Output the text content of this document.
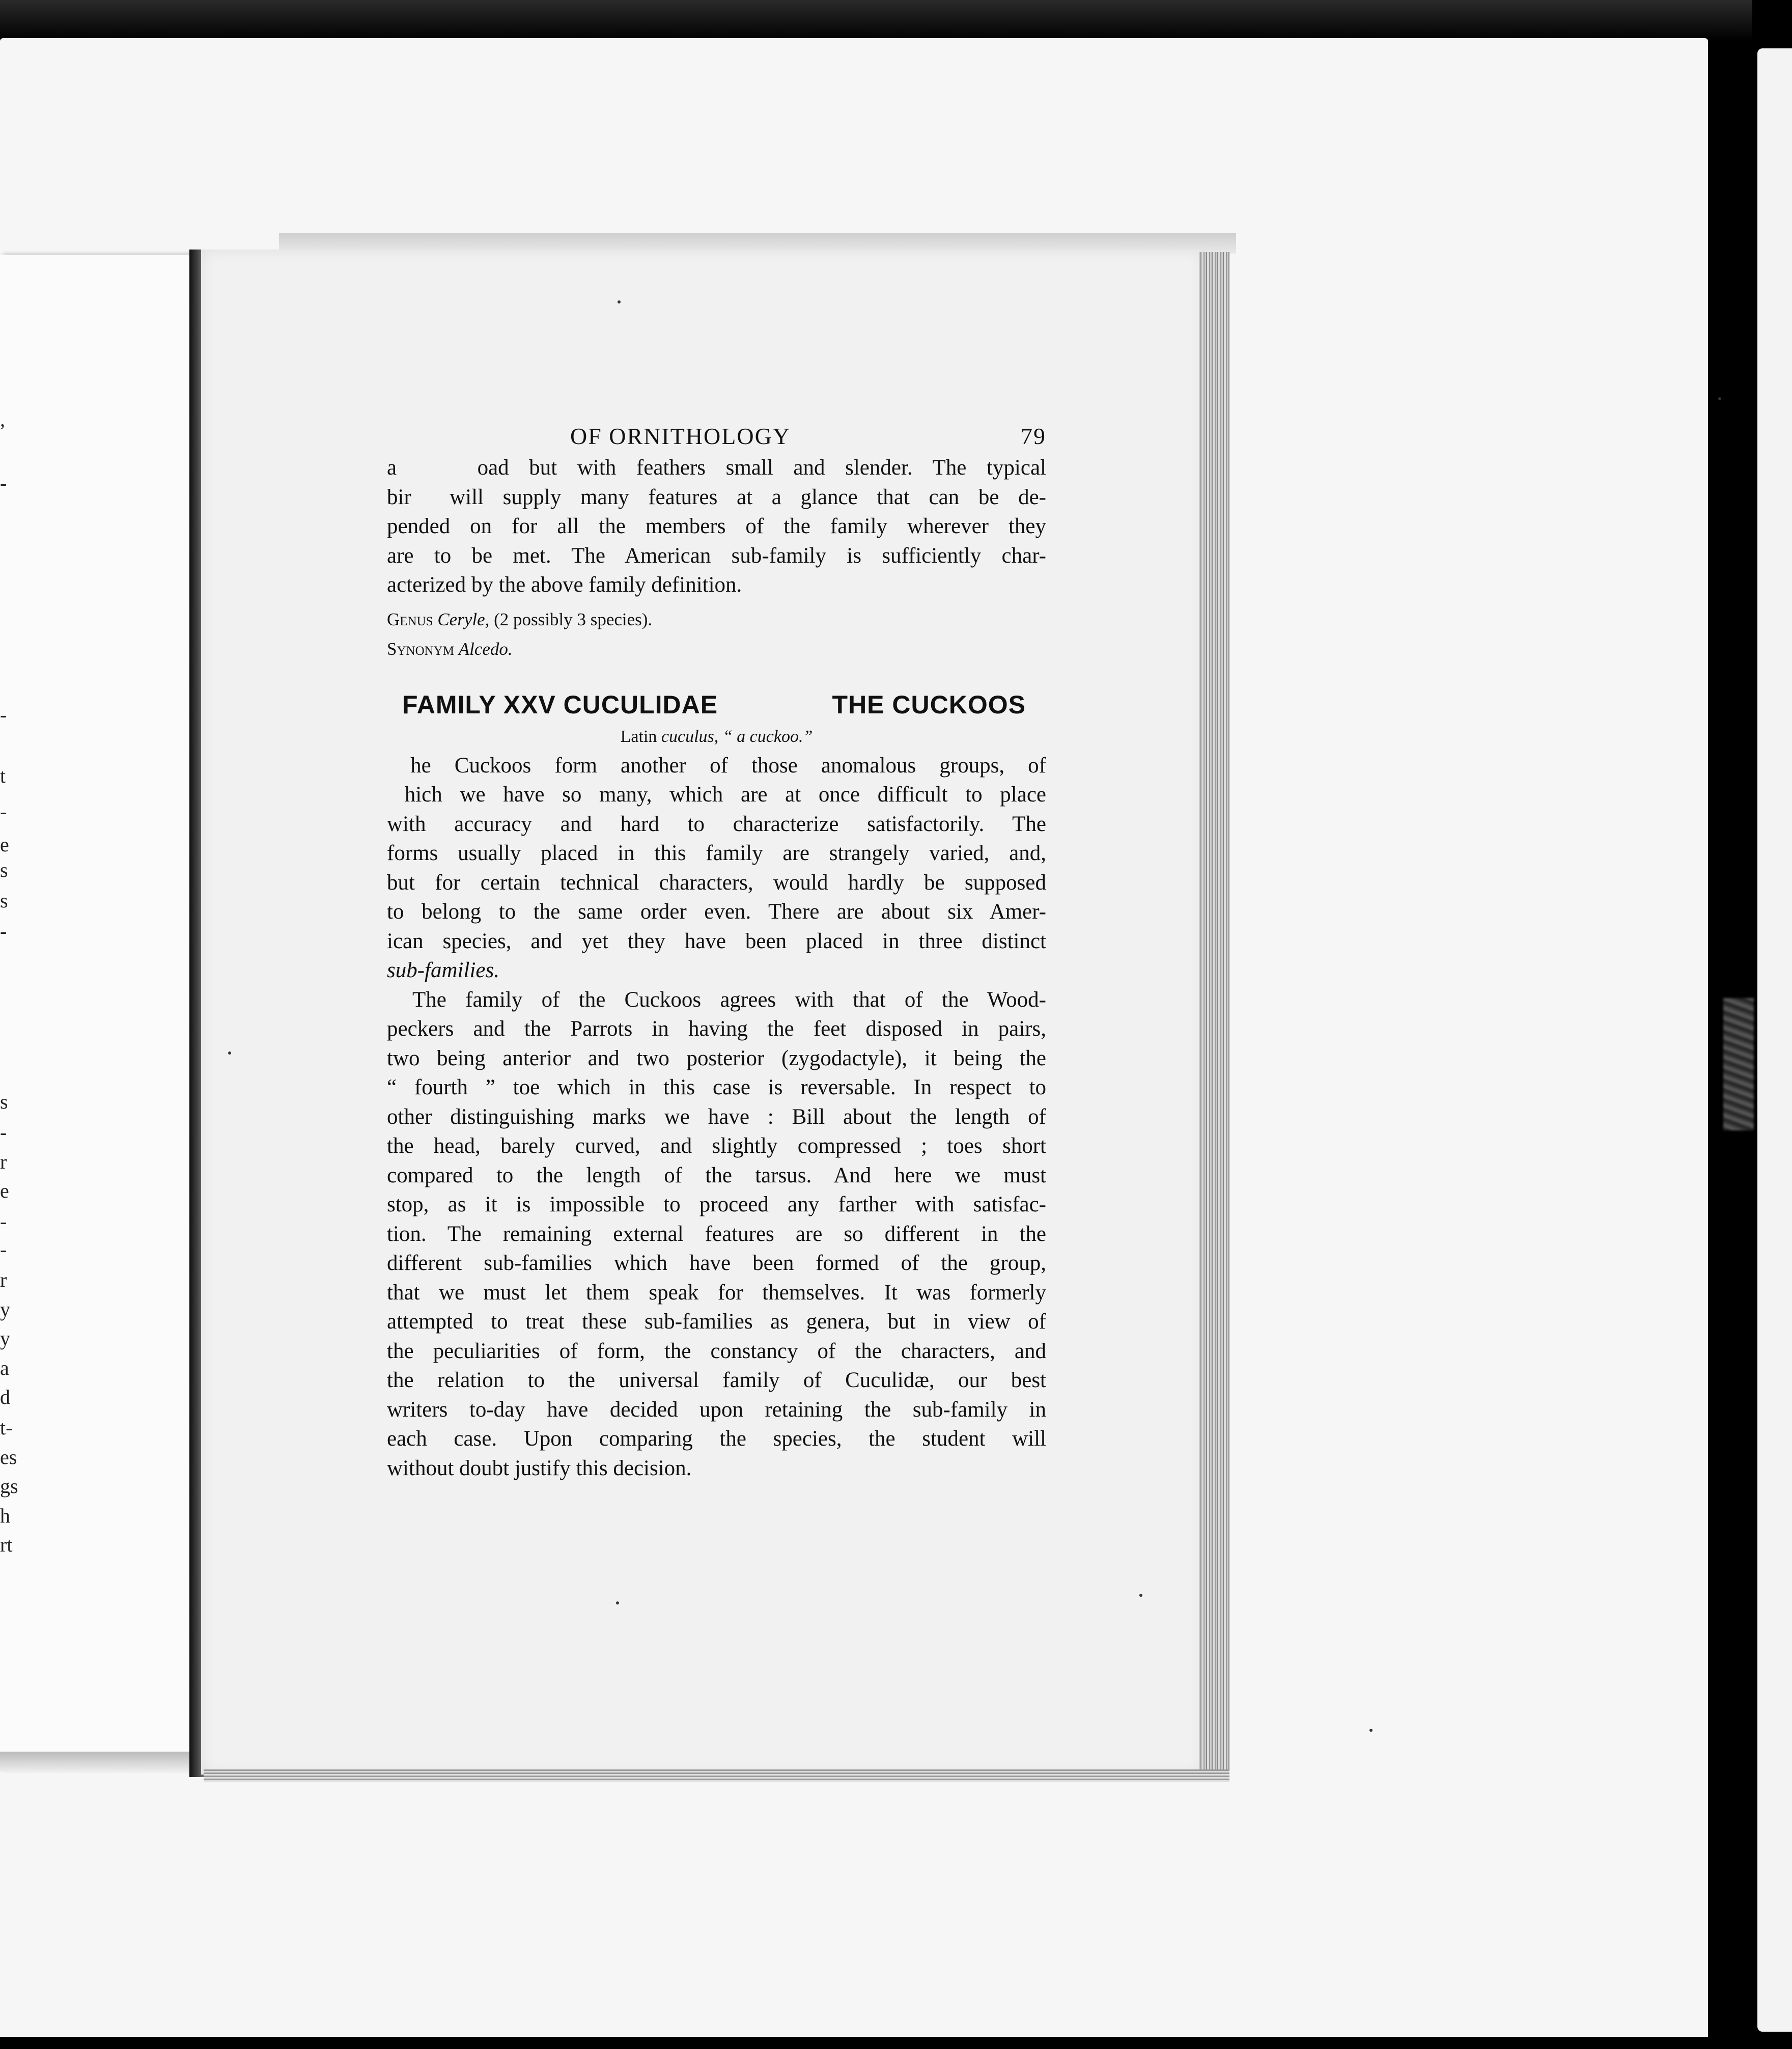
,
-
-
t
-
e
s
s
-
s
-
r
e
-
-
r
y
y
a
d
t-
es
gs
h
rt
OF ORNITHOLOGY	79

a    oad but with feathers small and slender. The typical

bir  will supply many features at a glance that can be de-

pended on for all the members of the family wherever they

are to be met. The American sub-family is sufficiently char-

acterized by the above family definition.

Genus Ceryle, (2 possibly 3 species).

Synonym Alcedo.

FAMILY XXV CUCULIDAE	THE CUCKOOS
Latin cuculus, “ a cuckoo.”

he Cuckoos form another of those anomalous groups, of

hich we have so many, which are at once difficult to place

with accuracy and hard to characterize satisfactorily. The

forms usually placed in this family are strangely varied, and,

but for certain technical characters, would hardly be supposed

to belong to the same order even. There are about six Amer-

ican species, and yet they have been placed in three distinct

sub-families.

The family of the Cuckoos agrees with that of the Wood-

peckers and the Parrots in having the feet disposed in pairs,

two being anterior and two posterior (zygodactyle), it being the

“ fourth ” toe which in this case is reversable. In respect to

other distinguishing marks we have : Bill about the length of

the head, barely curved, and slightly compressed ; toes short

compared to the length of the tarsus. And here we must

stop, as it is impossible to proceed any farther with satisfac-

tion. The remaining external features are so different in the

different sub-families which have been formed of the group,

that we must let them speak for themselves. It was formerly

attempted to treat these sub-families as genera, but in view of

the peculiarities of form, the constancy of the characters, and

the relation to the universal family of Cuculidæ, our best

writers to-day have decided upon retaining the sub-family in

each case. Upon comparing the species, the student will

without doubt justify this decision.
